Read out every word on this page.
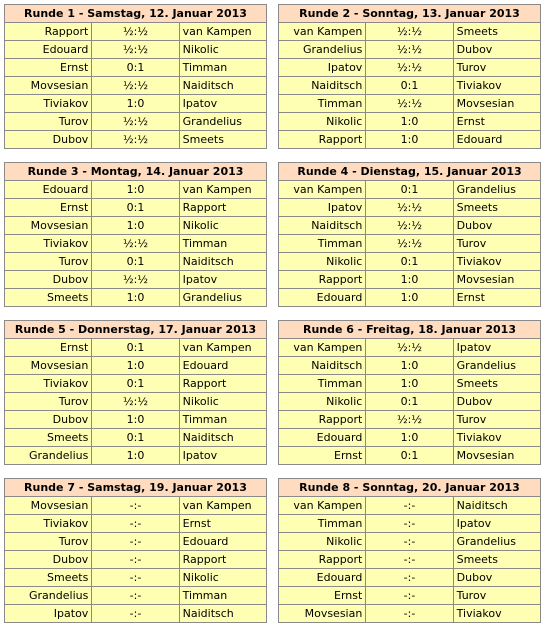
Runde 1 - Samstag, 12. Januar 2013		
Rapport	½:½	van Kampen
Edouard	½:½	Nikolic
Ernst	0:1	Timman
Movsesian	½:½	Naiditsch
Tiviakov	1:0	Ipatov
Turov	½:½	Grandelius
Dubov	½:½	Smeets
Runde 2 - Sonntag, 13. Januar 2013		
van Kampen	½:½	Smeets
Grandelius	½:½	Dubov
Ipatov	½:½	Turov
Naiditsch	0:1	Tiviakov
Timman	½:½	Movsesian
Nikolic	1:0	Ernst
Rapport	1:0	Edouard
Runde 3 - Montag, 14. Januar 2013		
Edouard	1:0	van Kampen
Ernst	0:1	Rapport
Movsesian	1:0	Nikolic
Tiviakov	½:½	Timman
Turov	0:1	Naiditsch
Dubov	½:½	Ipatov
Smeets	1:0	Grandelius
Runde 4 - Dienstag, 15. Januar 2013		
van Kampen	0:1	Grandelius
Ipatov	½:½	Smeets
Naiditsch	½:½	Dubov
Timman	½:½	Turov
Nikolic	0:1	Tiviakov
Rapport	1:0	Movsesian
Edouard	1:0	Ernst
Runde 5 - Donnerstag, 17. Januar 2013		
Ernst	0:1	van Kampen
Movsesian	1:0	Edouard
Tiviakov	0:1	Rapport
Turov	½:½	Nikolic
Dubov	1:0	Timman
Smeets	0:1	Naiditsch
Grandelius	1:0	Ipatov
Runde 6 - Freitag, 18. Januar 2013		
van Kampen	½:½	Ipatov
Naiditsch	1:0	Grandelius
Timman	1:0	Smeets
Nikolic	0:1	Dubov
Rapport	½:½	Turov
Edouard	1:0	Tiviakov
Ernst	0:1	Movsesian
Runde 7 - Samstag, 19. Januar 2013		
Movsesian	-:-	van Kampen
Tiviakov	-:-	Ernst
Turov	-:-	Edouard
Dubov	-:-	Rapport
Smeets	-:-	Nikolic
Grandelius	-:-	Timman
Ipatov	-:-	Naiditsch
Runde 8 - Sonntag, 20. Januar 2013		
van Kampen	-:-	Naiditsch
Timman	-:-	Ipatov
Nikolic	-:-	Grandelius
Rapport	-:-	Smeets
Edouard	-:-	Dubov
Ernst	-:-	Turov
Movsesian	-:-	Tiviakov
